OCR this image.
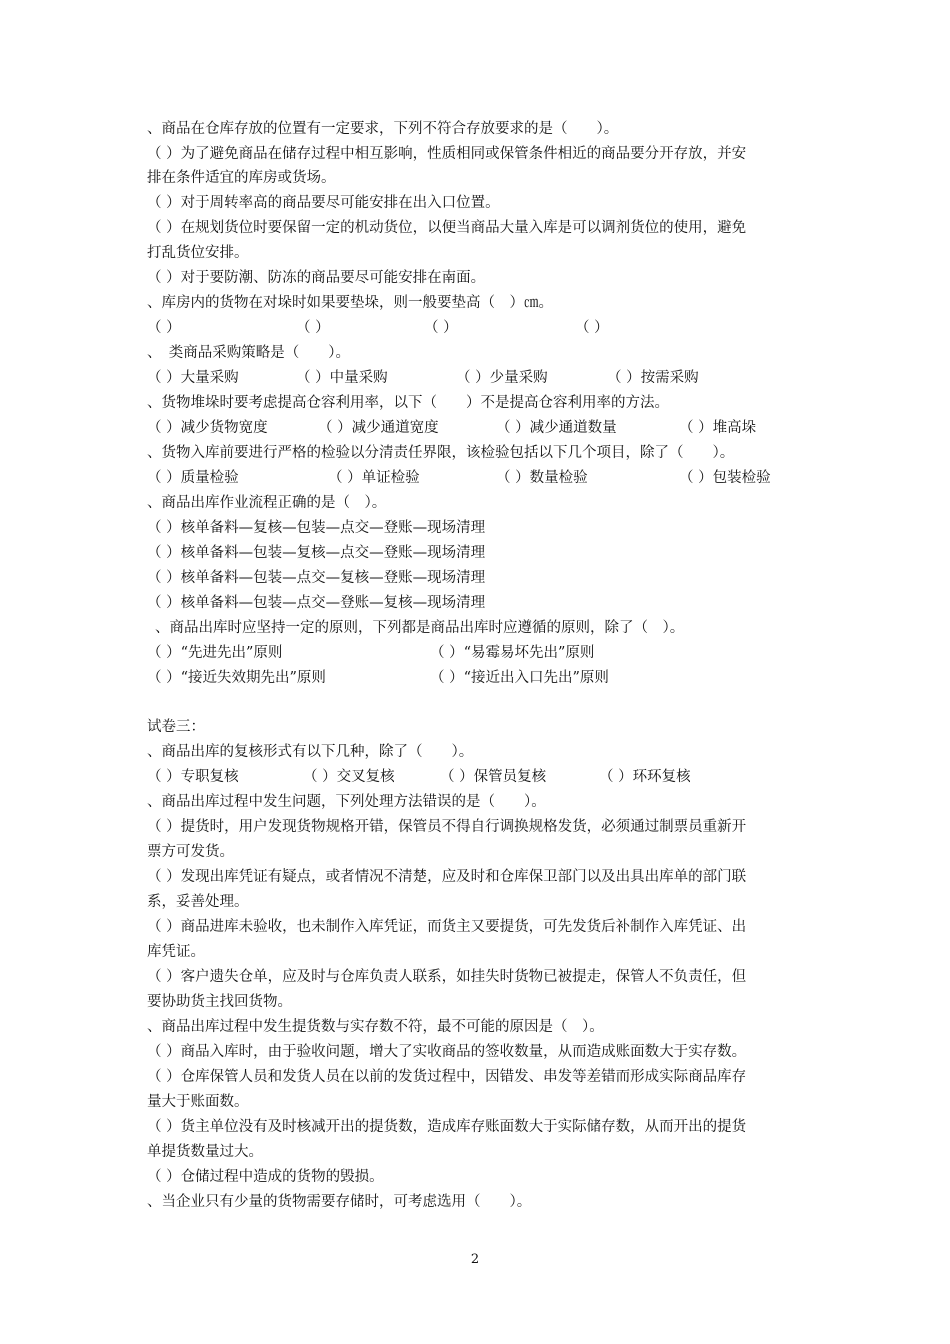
、商品在仓库存放的位置有一定要求，下列不符合存放要求的是（　　）。
（ ）为了避免商品在储存过程中相互影响，性质相同或保管条件相近的商品要分开存放，并安
排在条件适宜的库房或货场。
（ ）对于周转率高的商品要尽可能安排在出入口位置。
（ ）在规划货位时要保留一定的机动货位，以便当商品大量入库是可以调剂货位的使用，避免
打乱货位安排。
（ ）对于要防潮、防冻的商品要尽可能安排在南面。
、库房内的货物在对垛时如果要垫垛，则一般要垫高（　）㎝。
（ ）	（ ）	（ ）	（ ）
、　类商品采购策略是（　　）。
（ ）大量采购	（ ）中量采购	（ ）少量采购	（ ）按需采购
、货物堆垛时要考虑提高仓容利用率，以下（　　）不是提高仓容利用率的方法。
（ ）减少货物宽度	（ ）减少通道宽度	（ ）减少通道数量	（ ）堆高垛
、货物入库前要进行严格的检验以分清责任界限，该检验包括以下几个项目，除了（　　）。
（ ）质量检验	（ ）单证检验	（ ）数量检验	（ ）包装检验
、商品出库作业流程正确的是（　）。
（ ）核单备料—复核—包装—点交—登账—现场清理
（ ）核单备料—包装—复核—点交—登账—现场清理
（ ）核单备料—包装—点交—复核—登账—现场清理
（ ）核单备料—包装—点交—登账—复核—现场清理
、商品出库时应坚持一定的原则，下列都是商品出库时应遵循的原则，除了（　）。
（ ）“先进先出”原则	（ ）“易霉易坏先出”原则
（ ）“接近失效期先出”原则	（ ）“接近出入口先出”原则
试卷三：
、商品出库的复核形式有以下几种，除了（　　）。
（ ）专职复核	（ ）交叉复核	（ ）保管员复核	（ ）环环复核
、商品出库过程中发生问题，下列处理方法错误的是（　　）。
（ ）提货时，用户发现货物规格开错，保管员不得自行调换规格发货，必须通过制票员重新开
票方可发货。
（ ）发现出库凭证有疑点，或者情况不清楚，应及时和仓库保卫部门以及出具出库单的部门联
系，妥善处理。
（ ）商品进库未验收，也未制作入库凭证，而货主又要提货，可先发货后补制作入库凭证、出
库凭证。
（ ）客户遗失仓单，应及时与仓库负责人联系，如挂失时货物已被提走，保管人不负责任，但
要协助货主找回货物。
、商品出库过程中发生提货数与实存数不符，最不可能的原因是（　）。
（ ）商品入库时，由于验收问题，增大了实收商品的签收数量，从而造成账面数大于实存数。
（ ）仓库保管人员和发货人员在以前的发货过程中，因错发、串发等差错而形成实际商品库存
量大于账面数。
（ ）货主单位没有及时核减开出的提货数，造成库存账面数大于实际储存数，从而开出的提货
单提货数量过大。
（ ）仓储过程中造成的货物的毁损。
、当企业只有少量的货物需要存储时，可考虑选用（　　）。
2
